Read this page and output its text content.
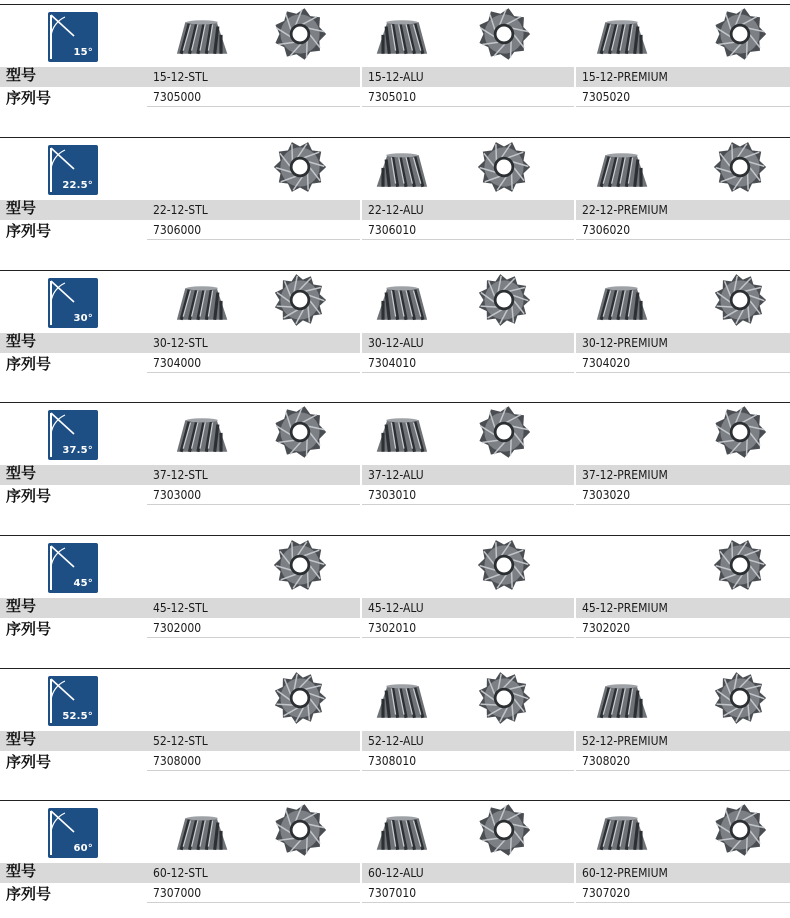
15°
型号
序列号
15-12-STL
7305000
15-12-ALU
7305010
15-12-PREMIUM
7305020
22.5°
型号
序列号
22-12-STL
7306000
22-12-ALU
7306010
22-12-PREMIUM
7306020
30°
型号
序列号
30-12-STL
7304000
30-12-ALU
7304010
30-12-PREMIUM
7304020
37.5°
型号
序列号
37-12-STL
7303000
37-12-ALU
7303010
37-12-PREMIUM
7303020
45°
型号
序列号
45-12-STL
7302000
45-12-ALU
7302010
45-12-PREMIUM
7302020
52.5°
型号
序列号
52-12-STL
7308000
52-12-ALU
7308010
52-12-PREMIUM
7308020
60°
型号
序列号
60-12-STL
7307000
60-12-ALU
7307010
60-12-PREMIUM
7307020
